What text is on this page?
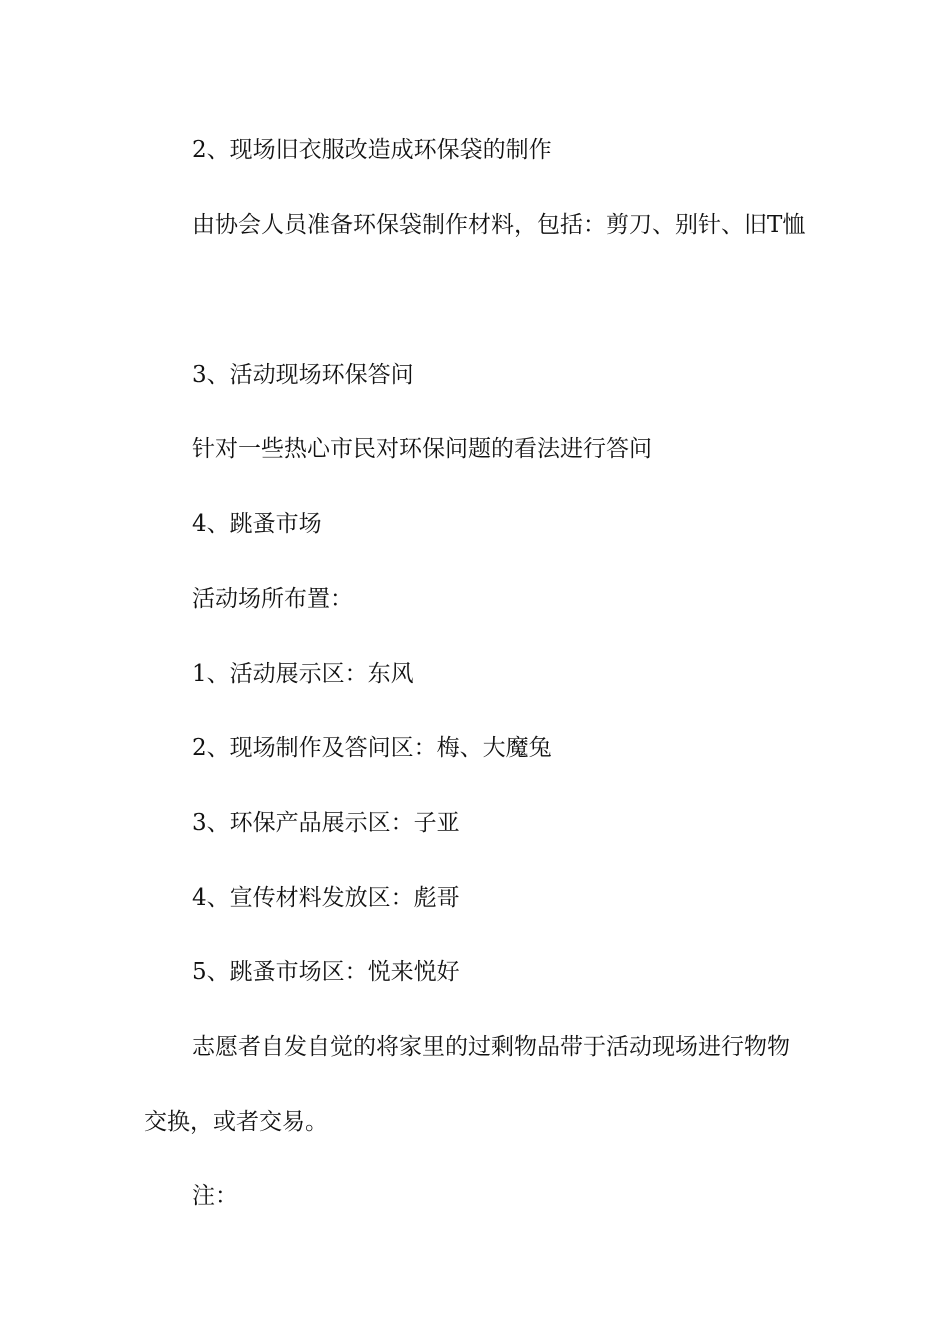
2、现场旧衣服改造成环保袋的制作

由协会人员准备环保袋制作材料，包括：剪刀、别针、旧T恤

3、活动现场环保答问

针对一些热心市民对环保问题的看法进行答问

4、跳蚤市场

活动场所布置：

1、活动展示区：东风

2、现场制作及答问区：梅、大魔兔

3、环保产品展示区：子亚

4、宣传材料发放区：彪哥

5、跳蚤市场区：悦来悦好

志愿者自发自觉的将家里的过剩物品带于活动现场进行物物交换，或者交易。

注：
